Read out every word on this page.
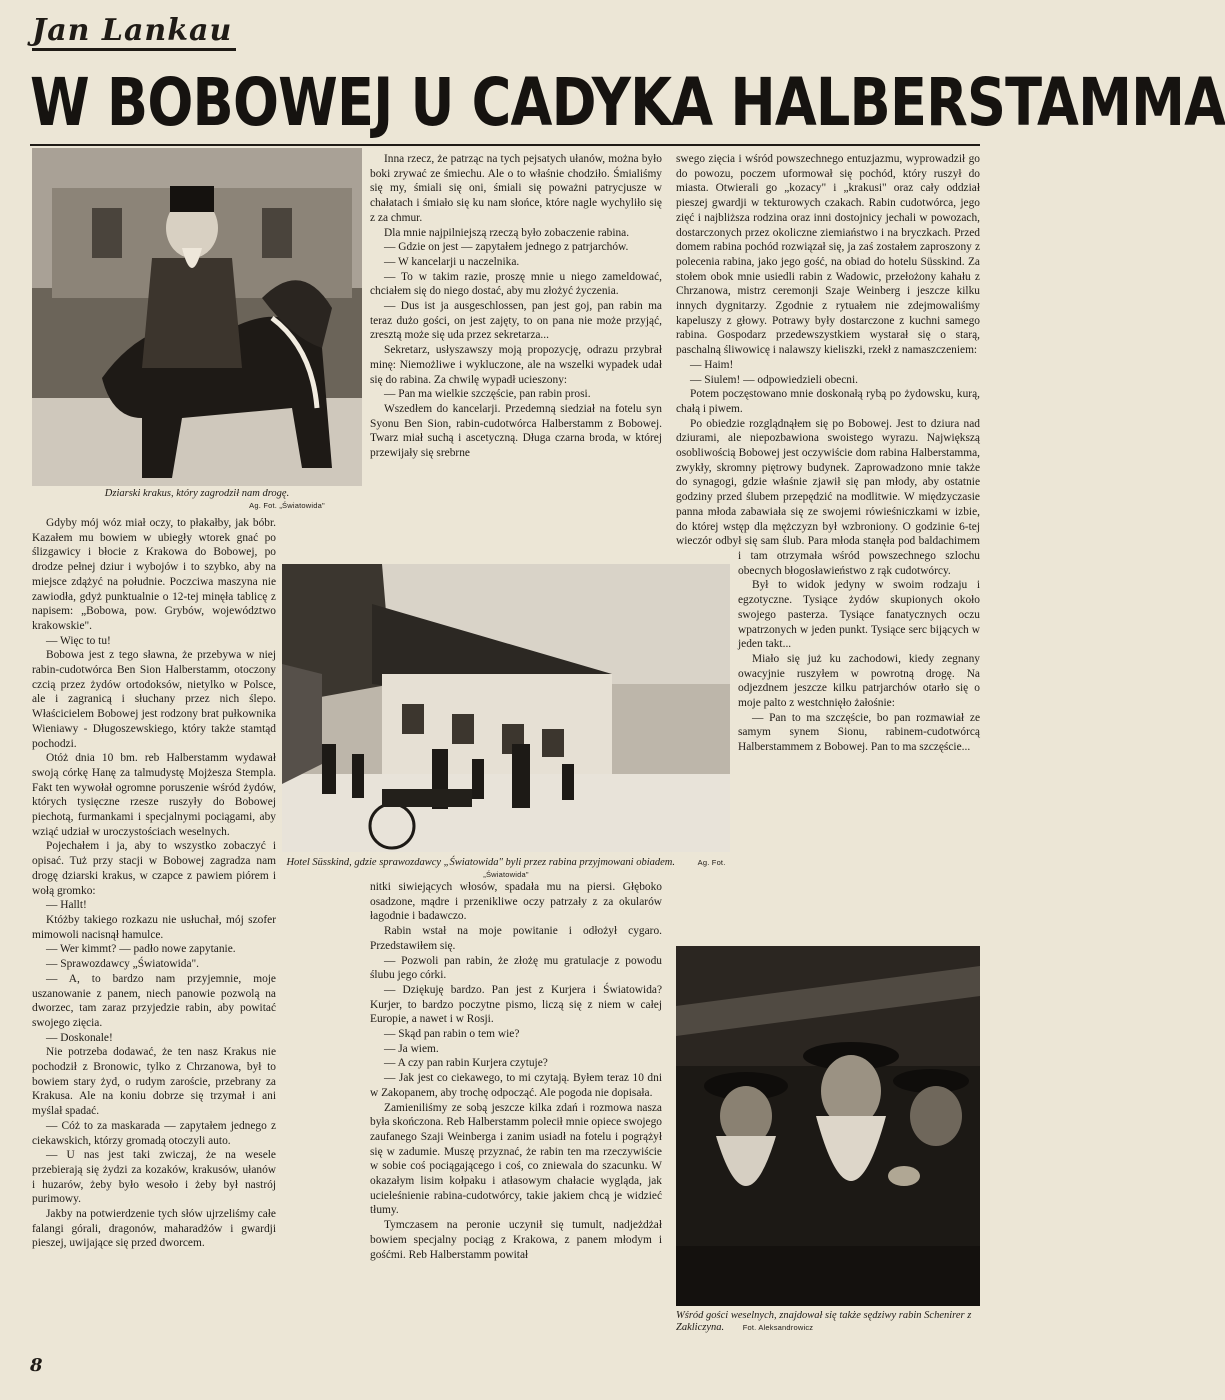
Jan Lankau
W BOBOWEJ U CADYKA HALBERSTAMMA
Dziarski krakus, który zagrodził nam drogę.
Ag. Fot. „Światowida"

Gdyby mój wóz miał oczy, to płakałby, jak bóbr. Kazałem mu bowiem w ubiegły wtorek gnać po ślizgawicy i błocie z Krakowa do Bobowej, po drodze pełnej dziur i wybojów i to szybko, aby na miejsce zdążyć na południe. Poczciwa maszyna nie zawiodła, gdyż punktualnie o 12-tej minęła tablicę z napisem: „Bobowa, pow. Grybów, województwo krakowskie".

— Więc to tu!

Bobowa jest z tego sławna, że przebywa w niej rabin-cudotwórca Ben Sion Halberstamm, otoczony czcią przez żydów ortodoksów, nietylko w Polsce, ale i zagranicą i słuchany przez nich ślepo. Właścicielem Bobowej jest rodzony brat pułkownika Wieniawy - Długoszewskiego, który także stamtąd pochodzi.

Otóż dnia 10 bm. reb Halberstamm wydawał swoją córkę Hanę za talmudystę Mojżesza Stempla. Fakt ten wywołał ogromne poruszenie wśród żydów, których tysięczne rzesze ruszyły do Bobowej piechotą, furmankami i specjalnymi pociągami, aby wziąć udział w uroczystościach weselnych.

Pojechałem i ja, aby to wszystko zobaczyć i opisać. Tuż przy stacji w Bobowej zagradza nam drogę dziarski krakus, w czapce z pawiem piórem i wołą gromko:

— Hallt!

Któżby takiego rozkazu nie usłuchał, mój szofer mimowoli nacisnął hamulce.

— Wer kimmt? — padło nowe zapytanie.

— Sprawozdawcy „Światowida".

— A, to bardzo nam przyjemnie, moje uszanowanie z panem, niech panowie pozwolą na dworzec, tam zaraz przyjedzie rabin, aby powitać swojego zięcia.

— Doskonale!

Nie potrzeba dodawać, że ten nasz Krakus nie pochodził z Bronowic, tylko z Chrzanowa, był to bowiem stary żyd, o rudym zaroście, przebrany za Krakusa. Ale na koniu dobrze się trzymał i ani myślał spadać.

— Cóż to za maskarada — zapytałem jednego z ciekawskich, którzy gromadą otoczyli auto.

— U nas jest taki zwiczaj, że na weselе przebierają się żydzi za kozaków, krakusów, ułanów i huzarów, żeby było wesoło i żeby był nastrój purimowy.

Jakby na potwierdzenie tych słów ujrzeliśmy całe falangi górali, dragonów, maharadżów i gwardji pieszej, uwijające się przed dworcem.

Inna rzecz, że patrząc na tych pejsatych ułanów, można było boki zrywać ze śmiechu. Ale o to właśnie chodziło. Śmialiśmy się my, śmiali się oni, śmiali się poważni patrycjusze w chałatach i śmiało się ku nam słońce, które nagle wychyliło się z za chmur.

Dla mnie najpilniejszą rzeczą było zobaczenie rabina.

— Gdzie on jest — zapytałem jednego z patrjarchów.

— W kancelarji u naczelnika.

— To w takim razie, proszę mnie u niego zameldować, chciałem się do niego dostać, aby mu złożyć życzenia.

— Dus ist ja ausgeschlossen, pan jest goj, pan rabin ma teraz dużo gości, on jest zajęty, to on pana nie może przyjąć, zresztą może się uda przez sekretarza...

Sekretarz, usłyszawszy moją propozycję, odrazu przybrał minę: Niemożliwe i wykluczone, ale na wszelki wypadek udał się do rabina. Za chwilę wypadł ucieszony:

— Pan ma wielkie szczęście, pan rabin prosi.

Wszedłem do kancelarji. Przedemną siedział na fotelu syn Syonu Ben Sion, rabin-cudotwórca Halberstamm z Bobowej. Twarz miał suchą i ascetyczną. Długa czarna broda, w której przewijały się srebrne

Hotel Süsskind, gdzie sprawozdawcy „Światowida" byli przez rabina przyjmowani obiadem.	Ag. Fot. „Światowida"

nitki siwiejących włosów, spadała mu na piersi. Głęboko osadzone, mądre i przenikliwe oczy patrzały z za okularów łagodnie i badawczo.

Rabin wstał na moje powitanie i odłożył cygaro. Przedstawiłem się.

— Pozwoli pan rabin, że złożę mu gratulacje z powodu ślubu jego córki.

— Dziękuję bardzo. Pan jest z Kurjera i Światowida? Kurjer, to bardzo poczytne pismo, liczą się z niem w całej Europie, a nawet i w Rosji.

— Skąd pan rabin o tem wie?

— Ja wiem.

— A czy pan rabin Kurjera czytuje?

— Jak jest co ciekawego, to mi czytają. Byłem teraz 10 dni w Zakopanem, aby trochę odpocząć. Ale pogoda nie dopisała.

Zamieniliśmy ze sobą jeszcze kilka zdań i rozmowa nasza była skończona. Reb Halberstamm polecił mnie opiece swojego zaufanego Szaji Weinberga i zanim usiadł na fotelu i pogrążył się w zadumie. Muszę przyznać, że rabin ten ma rzeczywiście w sobie coś pociągającego i coś, co zniewala do szacunku. W okazałym lisim kołpaku i atłasowym chałacie wygląda, jak ucieleśnienie rabina-cudotwórcy, takie jakiem chcą je widzieć tłumy.

Tymczasem na peronie uczynił się tumult, nadjeżdżał bowiem specjalny pociąg z Krakowa, z panem młodym i gośćmi. Reb Halberstamm powitał

swego zięcia i wśród powszechnego entuzjazmu, wyprowadził go do powozu, poczem uformował się pochód, który ruszył do miasta. Otwierali go „kozacy" i „krakusi" oraz cały oddział pieszej gwardji w tekturowych czakach. Rabin cudotwórca, jego zięć i najbliższa rodzina oraz inni dostojnicy jechali w powozach, dostarczonych przez okoliczne ziemiaństwo i na bryczkach. Przed domem rabina pochód rozwiązał się, ja zaś zostałem zaproszony z polecenia rabina, jako jego gość, na obiad do hotelu Süsskind. Za stołem obok mnie usiedli rabin z Wadowic, przełożony kahału z Chrzanowa, mistrz ceremonji Szaje Weinberg i jeszcze kilku innych dygnitarzy. Zgodnie z rytuałem nie zdejmowaliśmy kapeluszy z głowy. Potrawy były dostarczone z kuchni samego rabina. Gospodarz przedewszystkiem wystarał się o starą, paschalną śliwowicę i nalawszy kieliszki, rzekł z namaszczeniem:

— Haim!

— Siulem! — odpowiedzieli obecni.

Potem poczęstowano mnie doskonałą rybą po żydowsku, kurą, chałą i piwem.

Po obiedzie rozglądnąłem się po Bobowej. Jest to dziura nad dziurami, ale niepozbawiona swoistego wyrazu. Największą osobliwością Bobowej jest oczywiście dom rabina Halberstamma, zwykły, skromny piętrowy budynek. Zaprowadzono mnie także do synagogi, gdzie właśnie zjawił się pan młody, aby ostatnie godziny przed ślubem przepędzić na modlitwie. W międzyczasie panna młoda zabawiała się ze swojemi rówieśniczkami w izbie, do której wstęp dla mężczyzn był wzbroniony. O godzinie 6-tej wieczór odbył się sam ślub. Para młoda stanęła pod baldachimem i tam otrzymała wśród powszechnego szlochu obecnych błogosławieństwo z rąk cudotwórcy.

Był to widok jedyny w swoim rodzaju i egzotyczne. Tysiące żydów skupionych około swojego pasterza. Tysiące fanatycznych oczu wpatrzonych w jeden punkt. Tysiące serc bijących w jeden takt...

Miało się już ku zachodowi, kiedy zegnany owacyjnie ruszyłem w powrotną drogę. Na odjezdnem jeszcze kilku patrjarchów otarło się o moje palto z westchnięło żałośnie:

— Pan to ma szczęście, bo pan rozmawiał ze samym synem Sionu, rabinem-cudotwórcą Halberstammem z Bobowej. Pan to ma szczęście...

Wśród gości weselnych, znajdował się także sędziwy rabin Schenirer z Zakliczyna. Fot. Aleksandrowicz
8
